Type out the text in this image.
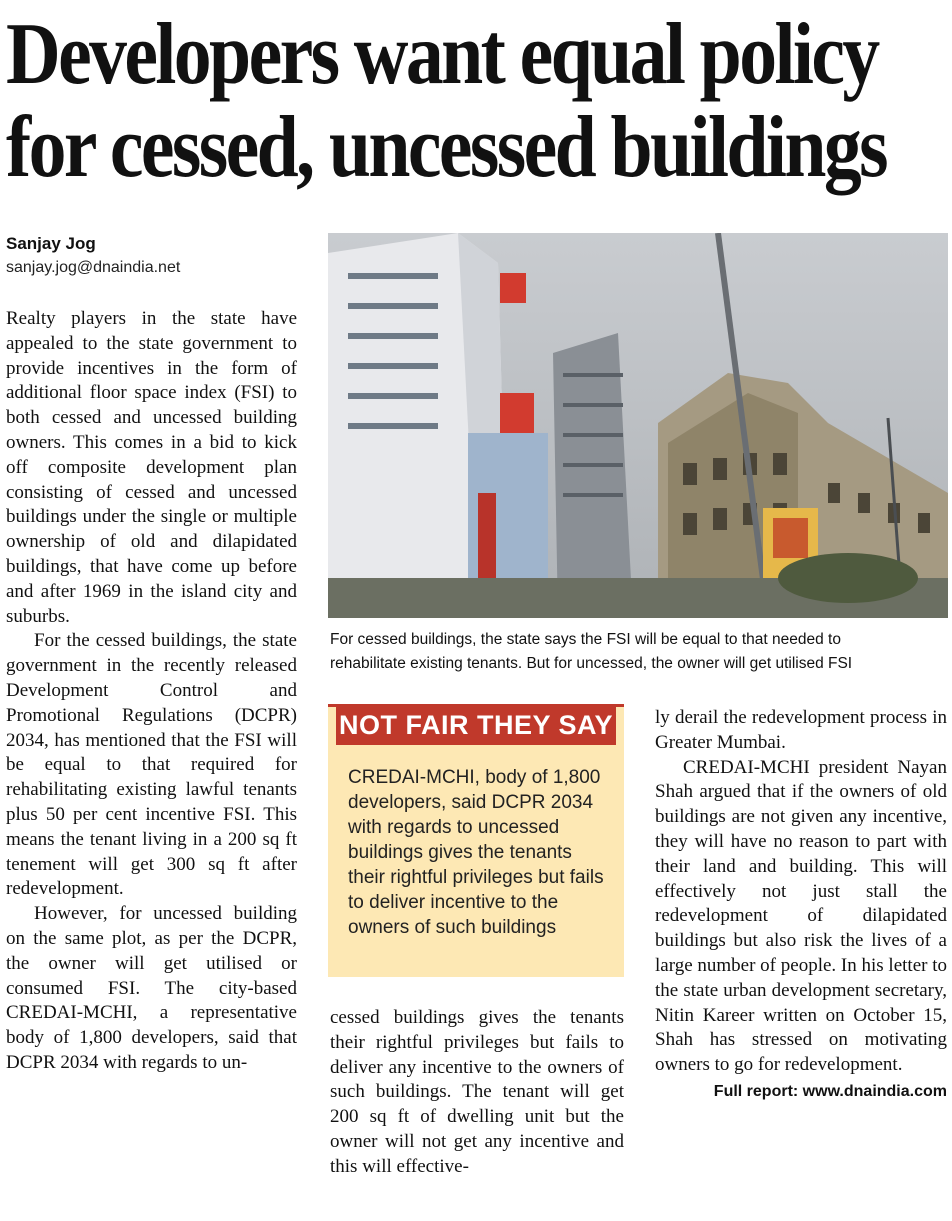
Developers want equal policy
for cessed, uncessed buildings
Sanjay Jog
sanjay.jog@dnaindia.net
For cessed buildings, the state says the FSI will be equal to that needed to
rehabilitate existing tenants. But for uncessed, the owner will get utilised FSI

Realty players in the state have appealed to the state government to provide incentives in the form of additional floor space index (FSI) to both cessed and uncessed building owners. This comes in a bid to kick off composite development plan consisting of cessed and uncessed buildings under the single or multiple ownership of old and dilapidated buildings, that have come up before and after 1969 in the island city and suburbs.

For the cessed buildings, the state government in the recently released Development Control and Promotional Regulations (DCPR) 2034, has mentioned that the FSI will be equal to that required for rehabilitating existing lawful tenants plus 50 per cent incentive FSI. This means the tenant living in a 200 sq ft tenement will get 300 sq ft after redevelopment.

However, for uncessed building on the same plot, as per the DCPR, the owner will get utilised or consumed FSI. The city-based CREDAI-MCHI, a representative body of 1,800 developers, said that DCPR 2034 with regards to un-

NOT FAIR THEY SAY
CREDAI-MCHI, body of 1,800 developers, said DCPR 2034 with regards to uncessed buildings gives the tenants their rightful privileges but fails to deliver incentive to the owners of such buildings

cessed buildings gives the tenants their rightful privileges but fails to deliver any incentive to the owners of such buildings. The tenant will get 200 sq ft of dwelling unit but the owner will not get any incentive and this will effective-

ly derail the redevelopment process in Greater Mumbai.

CREDAI-MCHI president Nayan Shah argued that if the owners of old buildings are not given any incentive, they will have no reason to part with their land and building. This will effectively not just stall the redevelopment of dilapidated buildings but also risk the lives of a large number of people. In his letter to the state urban development secretary, Nitin Kareer written on October 15, Shah has stressed on motivating owners to go for redevelopment.

Full report: www.dnaindia.com
